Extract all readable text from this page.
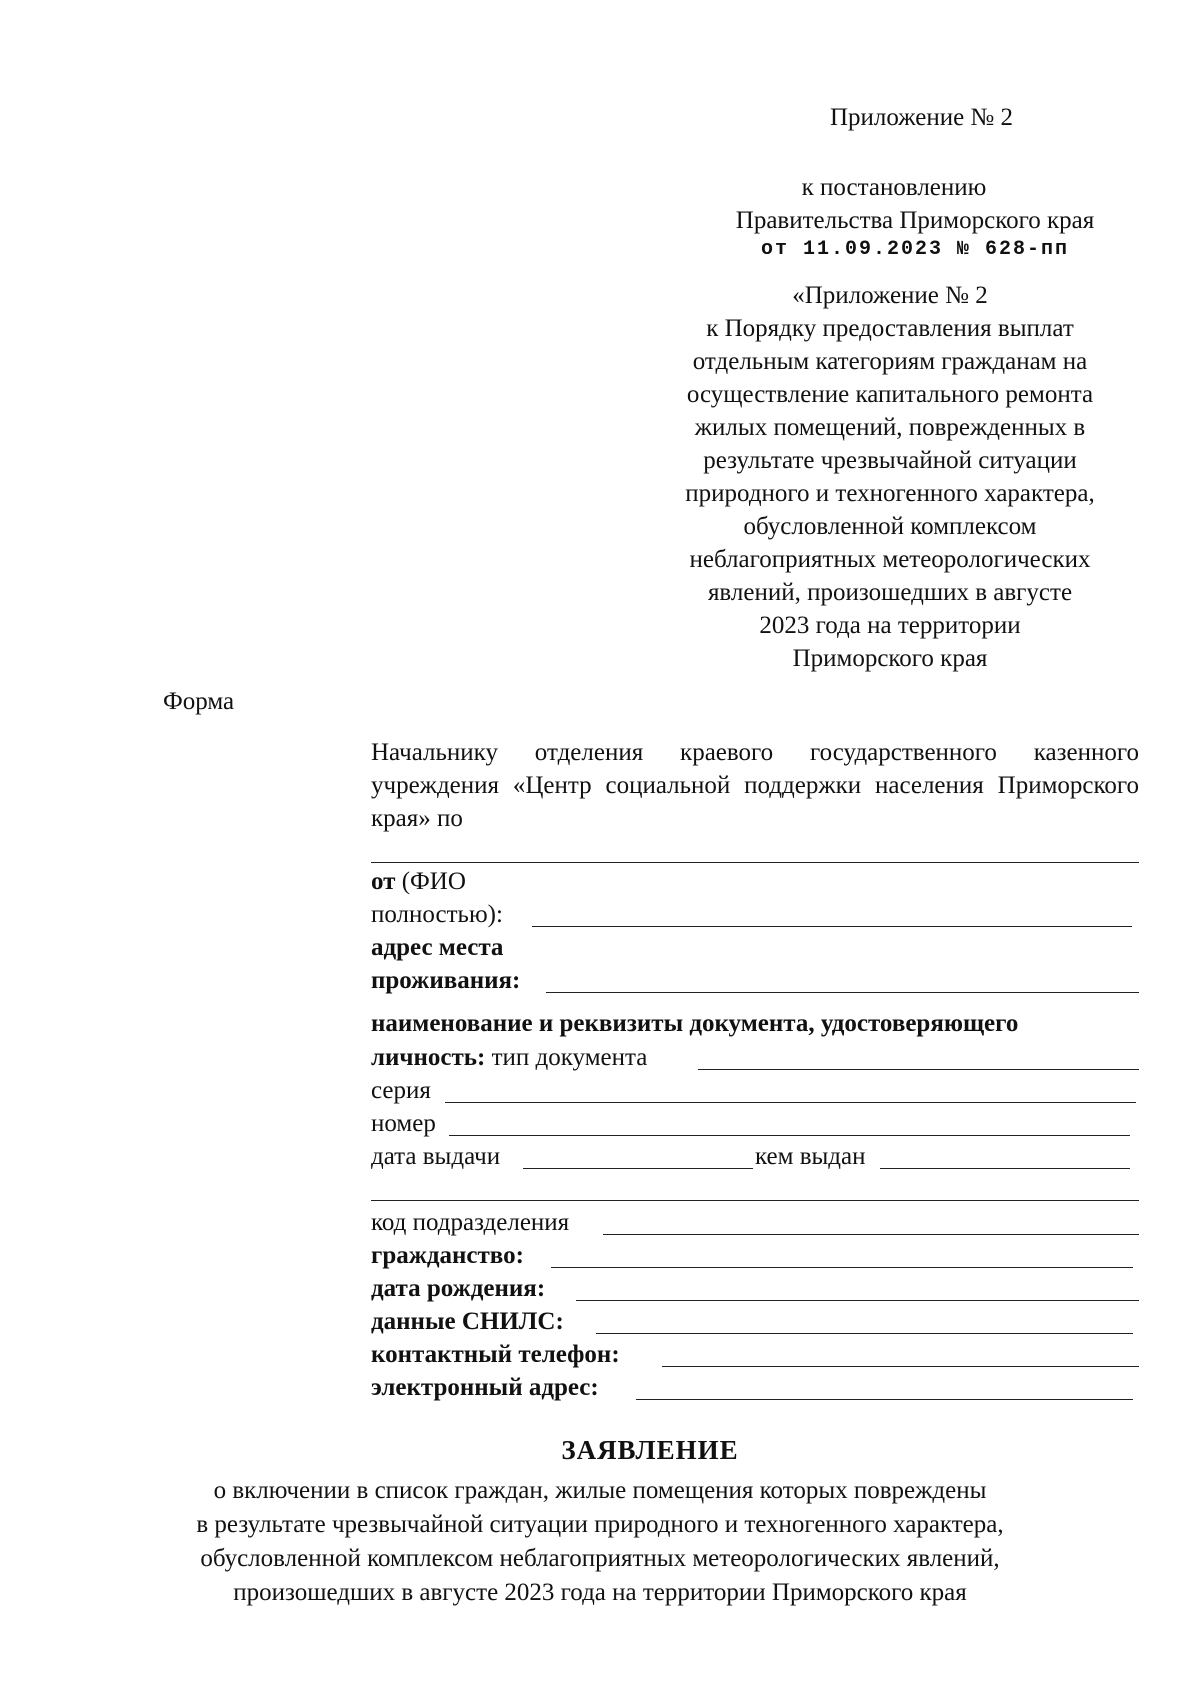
Приложение № 2
к постановлению
Правительства Приморского края
от 11.09.2023 № 628-пп
«Приложение № 2
к Порядку предоставления выплат
отдельным категориям гражданам на
осуществление капитального ремонта
жилых помещений, поврежденных в
результате чрезвычайной ситуации
природного и техногенного характера,
обусловленной комплексом
неблагоприятных метеорологических
явлений, произошедших в августе
2023 года на территории
Приморского края
Форма
Начальнику отделения краевого государственного казенного учреждения «Центр социальной поддержки населения Приморского края» по
от (ФИО
полностью):
адрес места
проживания:
наименование и реквизиты документа, удостоверяющего
личность: тип документа
серия
номер
дата выдачи	кем выдан
код подразделения
гражданство:
дата рождения:
данные СНИЛС:
контактный телефон:
электронный адрес:
ЗАЯВЛЕНИЕ
о включении в список граждан, жилые помещения которых повреждены
в результате чрезвычайной ситуации природного и техногенного характера,
обусловленной комплексом неблагоприятных метеорологических явлений,
произошедших в августе 2023 года на территории Приморского края
